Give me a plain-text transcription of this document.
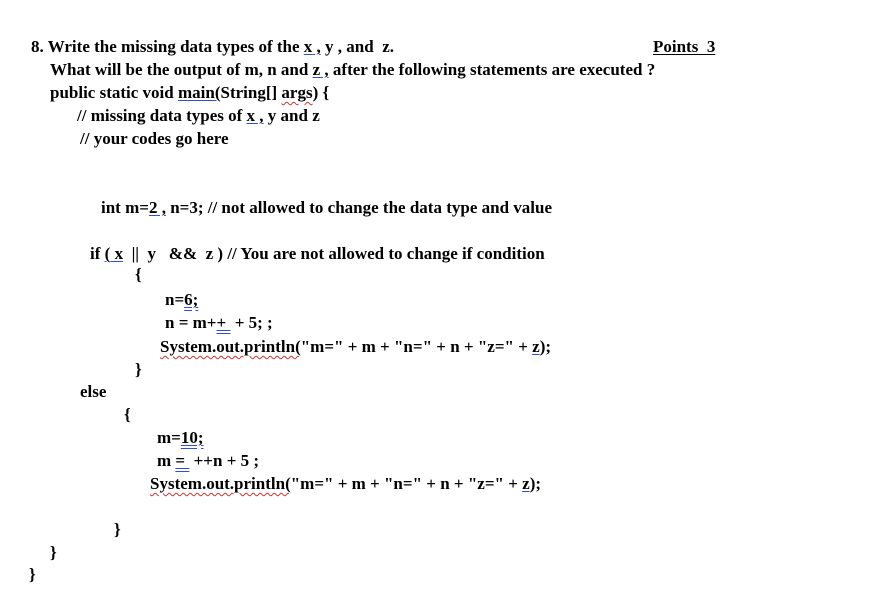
8. Write the missing data types of the x , y , and  z.	Points  3
What will be the output of m, n and z , after the following statements are executed ?
public static void main(String[] args) {
// missing data types of x , y and z
// your codes go here
int m=2 , n=3; // not allowed to change the data type and value
if ( x  ||  y   &&  z ) // You are not allowed to change if condition
{
n=6;
n = m++  + 5; ;
System.out.println("m=" + m + "n=" + n + "z=" + z);
}
else
{
m=10;
m =  ++n + 5 ;
System.out.println("m=" + m + "n=" + n + "z=" + z);
}
}
}
